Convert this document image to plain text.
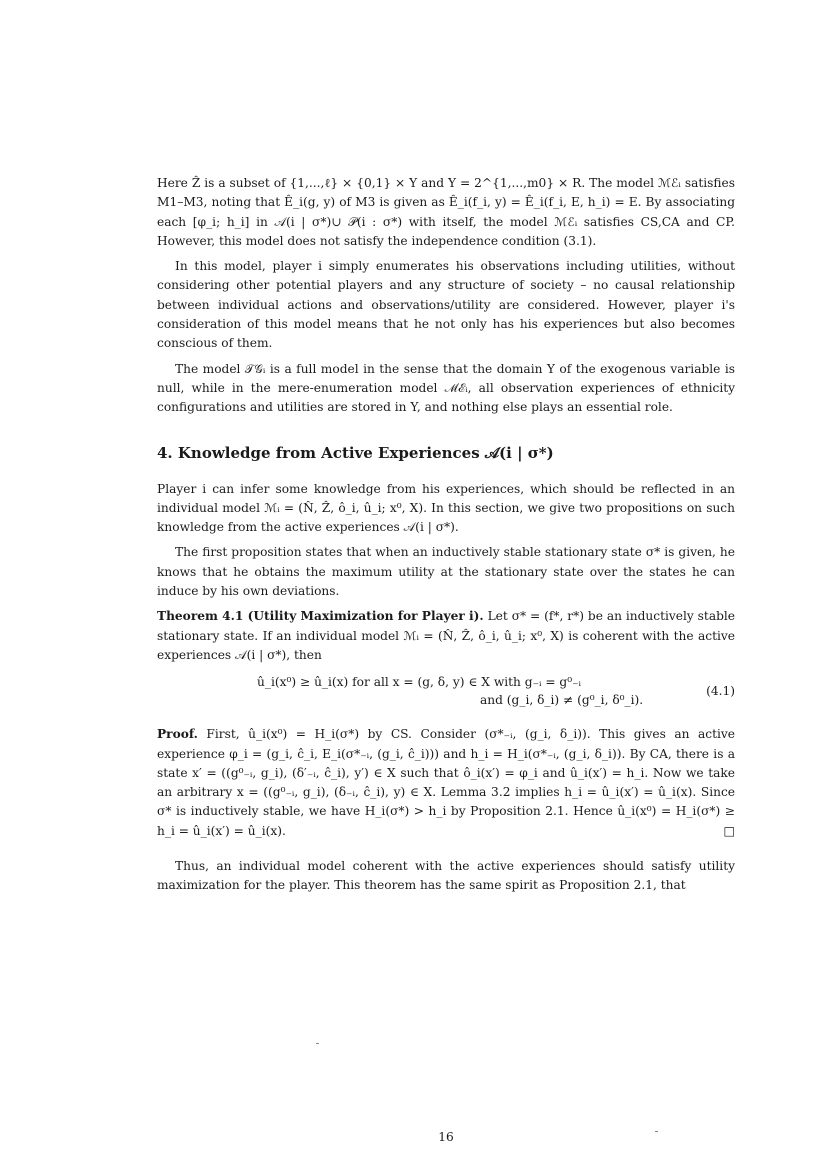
Here Ẑ is a subset of {1,...,ℓ} × {0,1} × Y and Y = 2^{1,...,m0} × R. The model ℳℰᵢ satisfies M1–M3, noting that Ê_i(g, y) of M3 is given as Ê_i(f_i, y) = Ê_i(f_i, E, h_i) = E. By associating each [φ_i; h_i] in 𝒜(i | σ*)∪ 𝒫(i : σ*) with itself, the model ℳℰᵢ satisfies CS,CA and CP. However, this model does not satisfy the independence condition (3.1).

In this model, player i simply enumerates his observations including utilities, without considering other potential players and any structure of society – no causal relationship between individual actions and observations/utility are considered. However, player i's consideration of this model means that he not only has his experiences but also becomes conscious of them.

The model 𝒯𝒢ᵢ is a full model in the sense that the domain Y of the exogenous variable is null, while in the mere-enumeration model ℳℰᵢ, all observation experiences of ethnicity configurations and utilities are stored in Y, and nothing else plays an essential role.

4. Knowledge from Active Experiences 𝒜(i | σ*)

Player i can infer some knowledge from his experiences, which should be reflected in an individual model ℳᵢ = (N̂, Ẑ, ô_i, û_i; x⁰, X). In this section, we give two propositions on such knowledge from the active experiences 𝒜(i | σ*).

The first proposition states that when an inductively stable stationary state σ* is given, he knows that he obtains the maximum utility at the stationary state over the states he can induce by his own deviations.

Theorem 4.1 (Utility Maximization for Player i). Let σ* = (f*, r*) be an inductively stable stationary state. If an individual model ℳᵢ = (N̂, Ẑ, ô_i, û_i; x⁰, X) is coherent with the active experiences 𝒜(i | σ*), then

û_i(x⁰) ≥ û_i(x) for all x = (g, δ, y) ∈ X with g₋ᵢ = g⁰₋ᵢ
and (g_i, δ_i) ≠ (g⁰_i, δ⁰_i).
(4.1)

Proof. First, û_i(x⁰) = H_i(σ*) by CS. Consider (σ*₋ᵢ, (g_i, δ_i)). This gives an active experience φ_i = (g_i, ĉ_i, E_i(σ*₋ᵢ, (g_i, ĉ_i))) and h_i = H_i(σ*₋ᵢ, (g_i, δ_i)). By CA, there is a state x′ = ((g⁰₋ᵢ, g_i), (δ′₋ᵢ, ĉ_i), y′) ∈ X such that ô_i(x′) = φ_i and û_i(x′) = h_i. Now we take an arbitrary x = ((g⁰₋ᵢ, g_i), (δ₋ᵢ, ĉ_i), y) ∈ X. Lemma 3.2 implies h_i = û_i(x′) = û_i(x). Since σ* is inductively stable, we have H_i(σ*) > h_i by Proposition 2.1. Hence û_i(x⁰) = H_i(σ*) ≥ h_i = û_i(x′) = û_i(x).	□

Thus, an individual model coherent with the active experiences should satisfy utility maximization for the player. This theorem has the same spirit as Proposition 2.1, that

16
